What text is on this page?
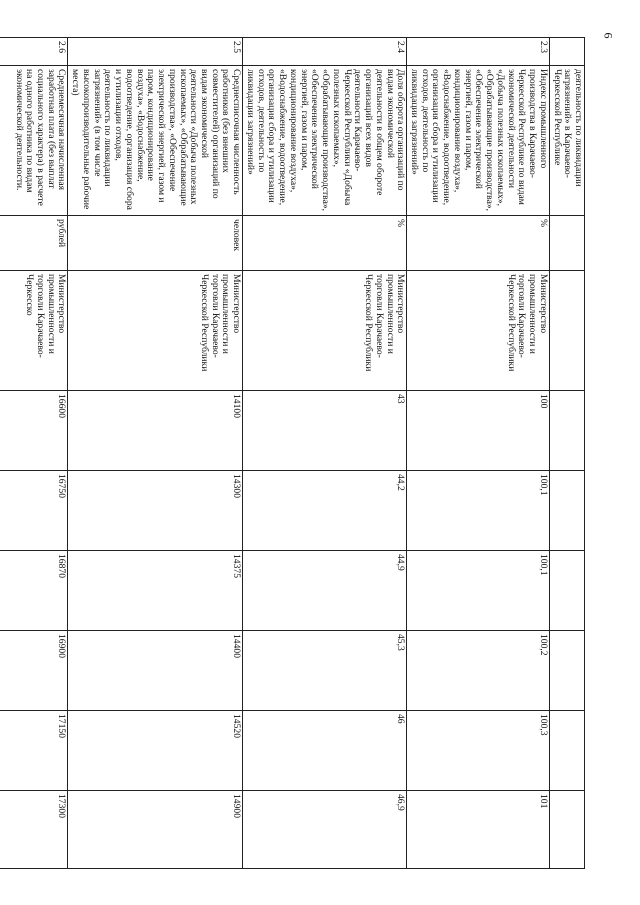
6
	деятельность по ликвидации загрязнений» в Карачаево-Черкесской Республике								
2.3	Индекс промышленного производства в Карачаево-Черкесской Республике по видам экономической деятельности «Добыча полезных ископаемых», «Обрабатывающие производства», «Обеспечение электрической энергией, газом и паром, кондиционирование воздуха», «Водоснабжение, водоотведение, организация сбора и утилизации отходов, деятельность по ликвидации загрязнений»	%	Министерство промышленности и торговли Карачаево-Черкесской Республики	100	100,1	100,1	100,2	100,3	101
2.4	Доля оборота организаций по видам экономической деятельности в общем обороте организаций всех видов деятельности Карачаево-Черкесской Республики «Добыча полезных ископаемых», «Обрабатывающие производства», «Обеспечение электрической энергией, газом и паром, кондиционирование воздуха», «Водоснабжение, водоотведение, организация сбора и утилизации отходов, деятельность по ликвидации загрязнений»	%	Министерство промышленности и торговли Карачаево-Черкесской Республики	43	44,2	44,9	45,3	46	46,9
2.5	Среднесписочная численность работников (без внешних совместителей) организаций по видам экономической деятельности «Добыча полезных ископаемых», «Обрабатывающие производства», «Обеспечение электрической энергией, газом и паром, кондиционирование воздуха», «Водоснабжение, водоотведение, организация сбора и утилизации отходов, деятельность по ликвидации загрязнений» (в том числе высокопроизводительные рабочие места)	человек	Министерство промышленности и торговли Карачаево-Черкесской Республики	14100	14300	14375	14400	14520	14900
2.6	Среднемесячная начисленная заработная плата (без выплат социального характера) в расчете на одного работника по видам экономической деятельности.	рублей	Министерство промышленности и торговли Карачаево-Черкесско	16600	16750	16870	16900	17150	17300
